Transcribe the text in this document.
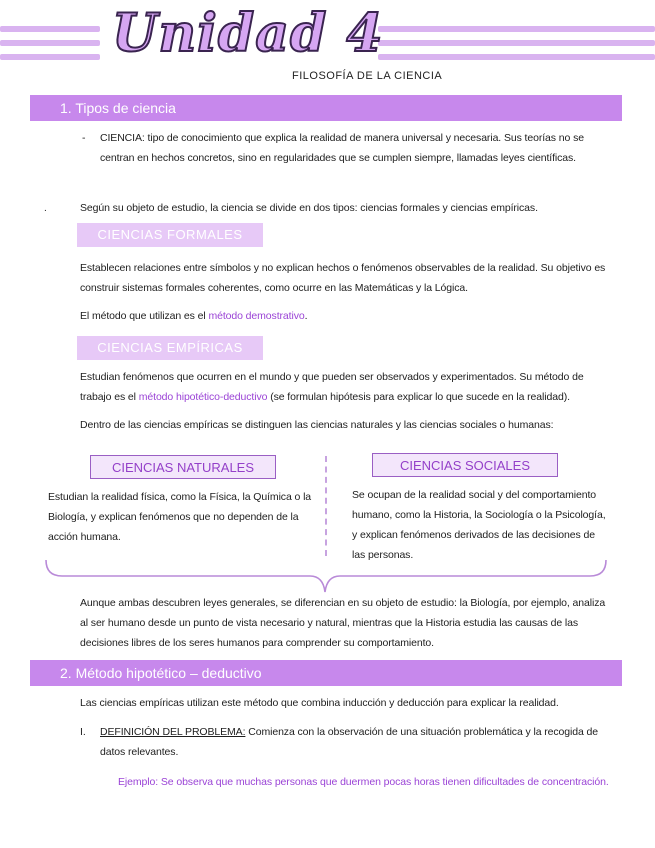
Unidad 4
FILOSOFÍA DE LA CIENCIA
1. Tipos de ciencia
- CIENCIA: tipo de conocimiento que explica la realidad de manera universal y necesaria. Sus teorías no se centran en hechos concretos, sino en regularidades que se cumplen siempre, llamadas leyes científicas.
.	Según su objeto de estudio, la ciencia se divide en dos tipos: ciencias formales y ciencias empíricas.
CIENCIAS FORMALES
Establecen relaciones entre símbolos y no explican hechos o fenómenos observables de la realidad. Su objetivo es construir sistemas formales coherentes, como ocurre en las Matemáticas y la Lógica.
El método que utilizan es el método demostrativo.
CIENCIAS EMPÍRICAS
Estudian fenómenos que ocurren en el mundo y que pueden ser observados y experimentados. Su método de trabajo es el método hipotético-deductivo (se formulan hipótesis para explicar lo que sucede en la realidad).
Dentro de las ciencias empíricas se distinguen las ciencias naturales y las ciencias sociales o humanas:
CIENCIAS NATURALES	CIENCIAS SOCIALES
Estudian la realidad física, como la Física, la Química o la Biología, y explican fenómenos que no dependen de la acción humana.
Se ocupan de la realidad social y del comportamiento humano, como la Historia, la Sociología o la Psicología, y explican fenómenos derivados de las decisiones de las personas.
Aunque ambas descubren leyes generales, se diferencian en su objeto de estudio: la Biología, por ejemplo, analiza al ser humano desde un punto de vista necesario y natural, mientras que la Historia estudia las causas de las decisiones libres de los seres humanos para comprender su comportamiento.
2. Método hipotético – deductivo
Las ciencias empíricas utilizan este método que combina inducción y deducción para explicar la realidad.
I. DEFINICIÓN DEL PROBLEMA: Comienza con la observación de una situación problemática y la recogida de datos relevantes.
Ejemplo: Se observa que muchas personas que duermen pocas horas tienen dificultades de concentración.
